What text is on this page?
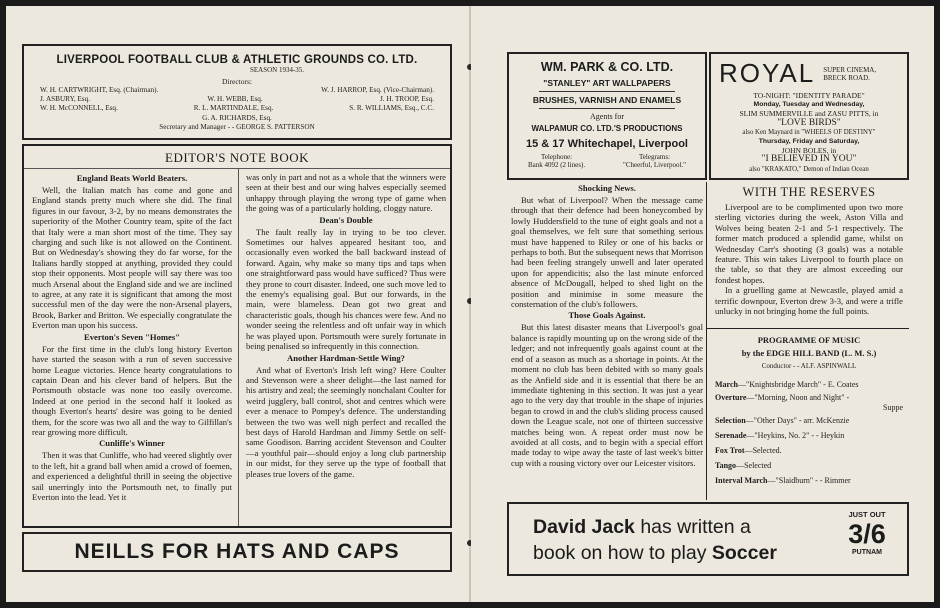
LIVERPOOL FOOTBALL CLUB & ATHLETIC GROUNDS CO. LTD.
SEASON 1934-35.
Directors:
W. H. CARTWRIGHT, Esq. (Chairman).	W. J. HARROP, Esq. (Vice-Chairman).
J. ASBURY, Esq.	W. H. WEBB, Esq.	J. H. TROOP, Esq.
W. H. McCONNELL, Esq.	R. L. MARTINDALE, Esq.	S. R. WILLIAMS, Esq., C.C.
G. A. RICHARDS, Esq.
Secretary and Manager - - GEORGE S. PATTERSON
EDITOR'S NOTE BOOK
England Beats World Beaters.

Well, the Italian match has come and gone and England stands pretty much where she did. The final figures in our favour, 3-2, by no means demonstrates the superiority of the Mother Country team, spite of the fact that Italy were a man short most of the time. They say charging and such like is not allowed on the Continent. But on Wednesday's showing they do far worse, for the Italians hardly stopped at anything, provided they could stop their opponents. Most people will say there was too much Arsenal about the England side and we are inclined to agree, at any rate it is significant that among the most successful men of the day were the non-Arsenal players, Brook, Barker and Britton. We especially congratulate the Everton man upon his success.

Everton's Seven "Homes"

For the first time in the club's long history Everton have started the season with a run of seven successive home League victories. Hence hearty congratulations to captain Dean and his clever band of helpers. But the Portsmouth obstacle was none too easily overcome. Indeed at one period in the second half it looked as though Everton's hearts' desire was going to be denied them, for the score was two all and the way to Gilfillan's rear growing more difficult.

Cunliffe's Winner

Then it was that Cunliffe, who had veered slightly over to the left, hit a grand ball when amid a crowd of foemen, and experienced a delightful thrill in seeing the objective sail unerringly into the Portsmouth net, to finally put Everton into the lead. Yet it

was only in part and not as a whole that the winners were seen at their best and our wing halves especially seemed unhappy through playing the wrong type of game when the going was of a particularly holding, cloggy nature.

Dean's Double

The fault really lay in trying to be too clever. Sometimes our halves appeared hesitant too, and occasionally even worked the ball backward instead of forward. Again, why make so many tips and taps when one straightforward pass would have sufficed? Thus were they prone to court disaster. Indeed, one such move led to the enemy's equalising goal. But our forwards, in the main, were blameless. Dean got two great and characteristic goals, though his chances were few. And no wonder seeing the relentless and oft unfair way in which he was played upon. Portsmouth were surely fortunate in being penalised so infrequently in this connection.

Another Hardman-Settle Wing?

And what of Everton's Irish left wing? Here Coulter and Stevenson were a sheer delight—the last named for his artistry and zeal; the seemingly nonchalant Coulter for weird jugglery, ball control, shot and centres which were ever a menace to Pompey's defence. The understanding between the two was well nigh perfect and recalled the best days of Harold Hardman and Jimmy Settle on self-same Goodison. Barring accident Stevenson and Coulter—a youthful pair—should enjoy a long club partnership in our midst, for they serve up the type of football that pleases true lovers of the game.

NEILLS FOR HATS AND CAPS
WM. PARK & CO. LTD.
"STANLEY" ART WALLPAPERS
BRUSHES, VARNISH AND ENAMELS
Agents for
WALPAMUR CO. LTD.'S PRODUCTIONS
15 & 17 Whitechapel, Liverpool
Telephone:
Bank 4092 (2 lines).
Telegrams:
"Cheerful, Liverpool."
ROYAL SUPER CINEMA, BRECK ROAD.
TO-NIGHT: "IDENTITY PARADE"
Monday, Tuesday and Wednesday,
SLIM SUMMERVILLE and ZASU PITTS, in
"LOVE BIRDS"
also Ken Maynard in "WHEELS OF DESTINY"
Thursday, Friday and Saturday,
JOHN BOLES, in
"I BELIEVED IN YOU"
also "KRAKATO," Demon of Indian Ocean
Shocking News.

But what of Liverpool? When the message came through that their defence had been honeycombed by lowly Huddersfield to the tune of eight goals and not a goal themselves, we felt sure that something serious must have happened to Riley or one of his backs or perhaps to both. But the subsequent news that Morrison had been feeling strangely unwell and later operated upon for appendicitis; also the last minute enforced absence of McDougall, helped to shed light on the position and minimise in some measure the consternation of the club's followers.

Those Goals Against.

But this latest disaster means that Liverpool's goal balance is rapidly mounting up on the wrong side of the ledger; and not infrequently goals against count at the end of a season as much as a shortage in points. At the moment no club has been debited with so many goals as the Anfield side and it is essential that there be an immediate tightening in this section. It was just a year ago to the very day that trouble in the shape of injuries began to crowd in and the club's sliding process caused down the League scale, not one of thirteen successive matches being won. A repeat order must now be avoided at all costs, and to begin with a special effort made today to wipe away the taste of last week's bitter cup with a rousing victory over our Leicester visitors.

WITH THE RESERVES

Liverpool are to be complimented upon two more sterling victories during the week, Aston Villa and Wolves being beaten 2-1 and 5-1 respectively. The former match produced a splendid game, whilst on Wednesday Carr's shooting (3 goals) was a notable feature. This win takes Liverpool to fourth place on the table, so that they are almost exceeding our fondest hopes.

In a gruelling game at Newcastle, played amid a terrific downpour, Everton drew 3-3, and were a trifle unlucky in not bringing home the full points.

PROGRAMME OF MUSIC
by the EDGE HILL BAND (L. M. S.)
Conductor - - ALF. ASPINWALL
March—"Knightsbridge March" - E. Coates
Overture—"Morning, Noon and Night" -
Suppe
Selection—"Other Days" - arr. McKenzie
Serenade—"Heykins, No. 2" - - Heykin
Fox Trot—Selected.
Tango—Selected
Interval March—"Slaidburn" - - Rimmer
David Jack has written a
book on how to play Soccer
JUST OUT
3/6
PUTNAM
